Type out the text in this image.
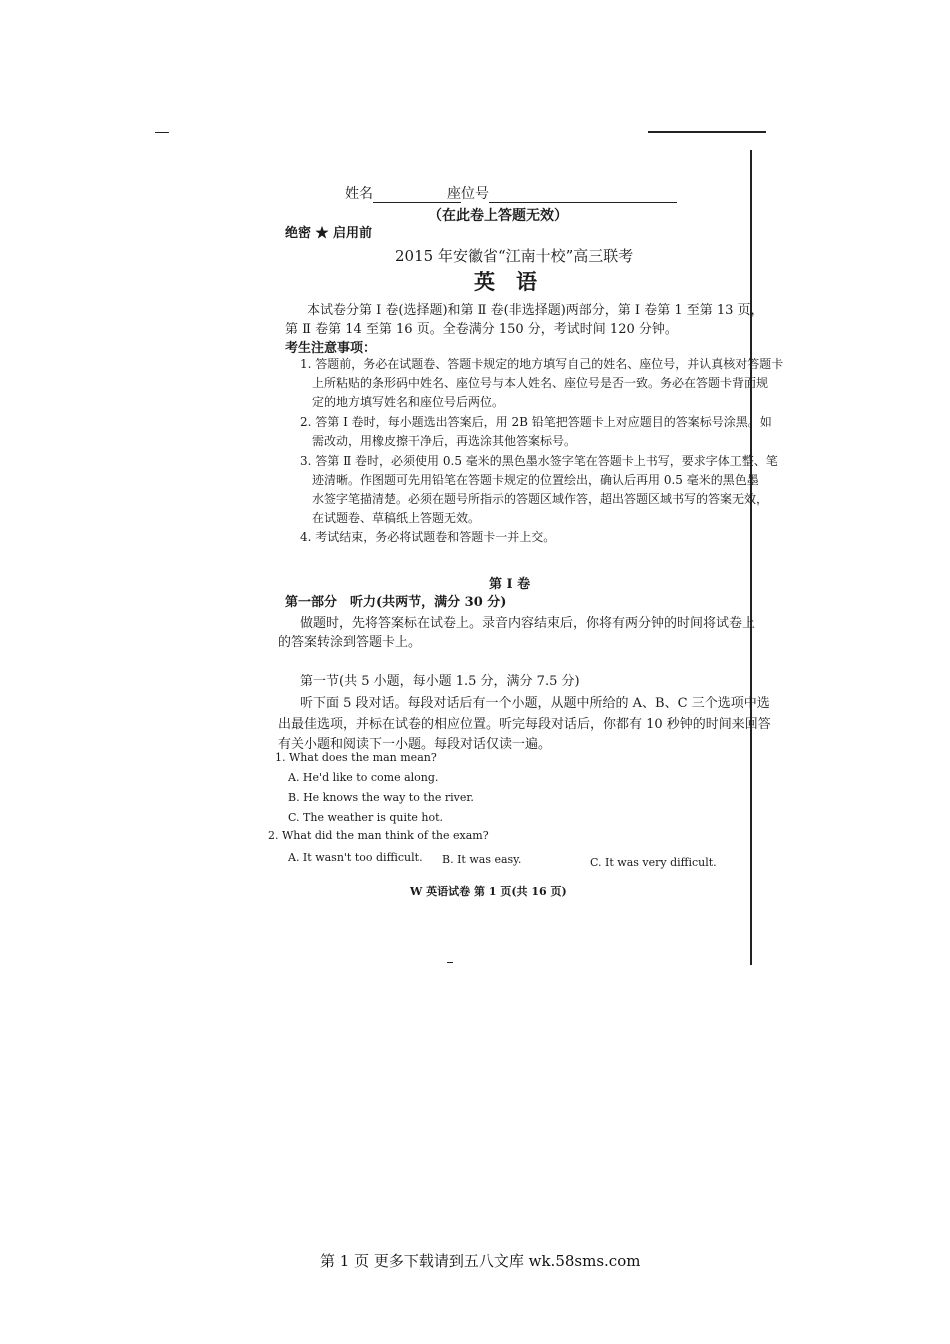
姓名	座位号
（在此卷上答题无效）
绝密 ★ 启用前
2015 年安徽省“江南十校”高三联考
英　语
本试卷分第 Ⅰ 卷(选择题)和第 Ⅱ 卷(非选择题)两部分，第 Ⅰ 卷第 1 至第 13 页，
第 Ⅱ 卷第 14 至第 16 页。全卷满分 150 分，考试时间 120 分钟。
考生注意事项：
1. 答题前，务必在试题卷、答题卡规定的地方填写自己的姓名、座位号，并认真核对答题卡
上所粘贴的条形码中姓名、座位号与本人姓名、座位号是否一致。务必在答题卡背面规
定的地方填写姓名和座位号后两位。
2. 答第 Ⅰ 卷时，每小题选出答案后，用 2B 铅笔把答题卡上对应题目的答案标号涂黑。如
需改动，用橡皮擦干净后，再选涂其他答案标号。
3. 答第 Ⅱ 卷时，必须使用 0.5 毫米的黑色墨水签字笔在答题卡上书写，要求字体工整、笔
迹清晰。作图题可先用铅笔在答题卡规定的位置绘出，确认后再用 0.5 毫米的黑色墨
水签字笔描清楚。必须在题号所指示的答题区域作答，超出答题区域书写的答案无效，
在试题卷、草稿纸上答题无效。
4. 考试结束，务必将试题卷和答题卡一并上交。
第 Ⅰ 卷
第一部分　听力(共两节，满分 30 分)
做题时，先将答案标在试卷上。录音内容结束后，你将有两分钟的时间将试卷上
的答案转涂到答题卡上。
第一节(共 5 小题，每小题 1.5 分，满分 7.5 分)
听下面 5 段对话。每段对话后有一个小题，从题中所给的 A、B、C 三个选项中选
出最佳选项，并标在试卷的相应位置。听完每段对话后，你都有 10 秒钟的时间来回答
有关小题和阅读下一小题。每段对话仅读一遍。
1. What does the man mean?
A. He'd like to come along.
B. He knows the way to the river.
C. The weather is quite hot.
2. What did the man think of the exam?
A. It wasn't too difficult. B. It was easy.	C. It was very difficult.
W 英语试卷 第 1 页(共 16 页)
第 1 页 更多下载请到五八文库 wk.58sms.com
